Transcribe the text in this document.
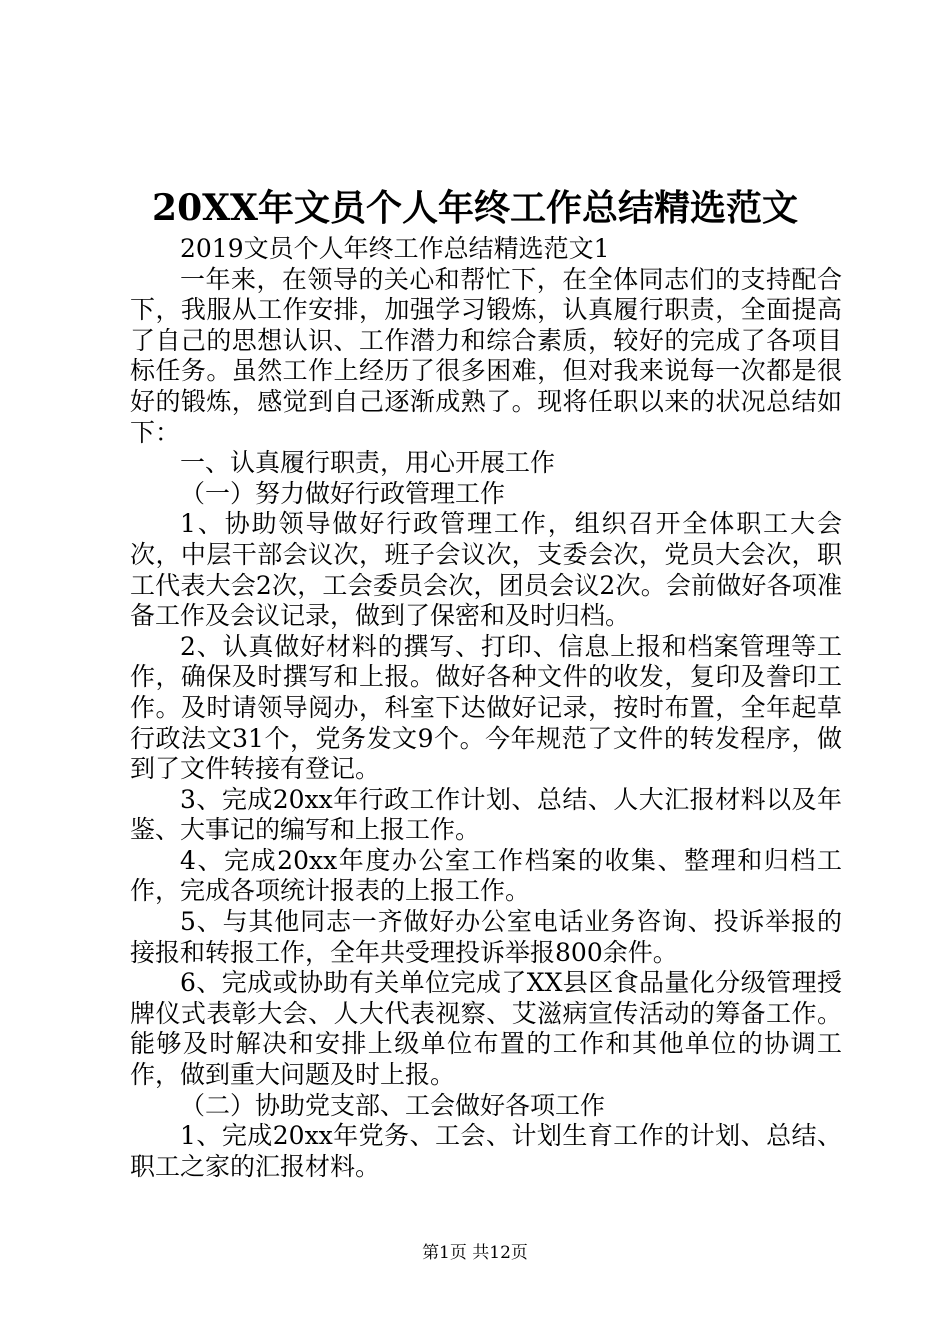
20XX年文员个人年终工作总结精选范文

2019文员个人年终工作总结精选范文1

一年来，在领导的关心和帮忙下，在全体同志们的支持配合下，我服从工作安排，加强学习锻炼，认真履行职责，全面提高了自己的思想认识、工作潜力和综合素质，较好的完成了各项目标任务。虽然工作上经历了很多困难，但对我来说每一次都是很好的锻炼，感觉到自己逐渐成熟了。现将任职以来的状况总结如下：

一、认真履行职责，用心开展工作

（一）努力做好行政管理工作

1、协助领导做好行政管理工作，组织召开全体职工大会次，中层干部会议次，班子会议次，支委会次，党员大会次，职工代表大会2次，工会委员会次，团员会议2次。会前做好各项准备工作及会议记录，做到了保密和及时归档。

2、认真做好材料的撰写、打印、信息上报和档案管理等工作，确保及时撰写和上报。做好各种文件的收发，复印及誊印工作。及时请领导阅办，科室下达做好记录，按时布置，全年起草行政法文31个，党务发文9个。今年规范了文件的转发程序，做到了文件转接有登记。

3、完成20xx年行政工作计划、总结、人大汇报材料以及年鉴、大事记的编写和上报工作。

4、完成20xx年度办公室工作档案的收集、整理和归档工作，完成各项统计报表的上报工作。

5、与其他同志一齐做好办公室电话业务咨询、投诉举报的接报和转报工作，全年共受理投诉举报800余件。

6、完成或协助有关单位完成了XX县区食品量化分级管理授牌仪式表彰大会、人大代表视察、艾滋病宣传活动的筹备工作。能够及时解决和安排上级单位布置的工作和其他单位的协调工作，做到重大问题及时上报。

（二）协助党支部、工会做好各项工作

1、完成20xx年党务、工会、计划生育工作的计划、总结、职工之家的汇报材料。

第1页 共12页
